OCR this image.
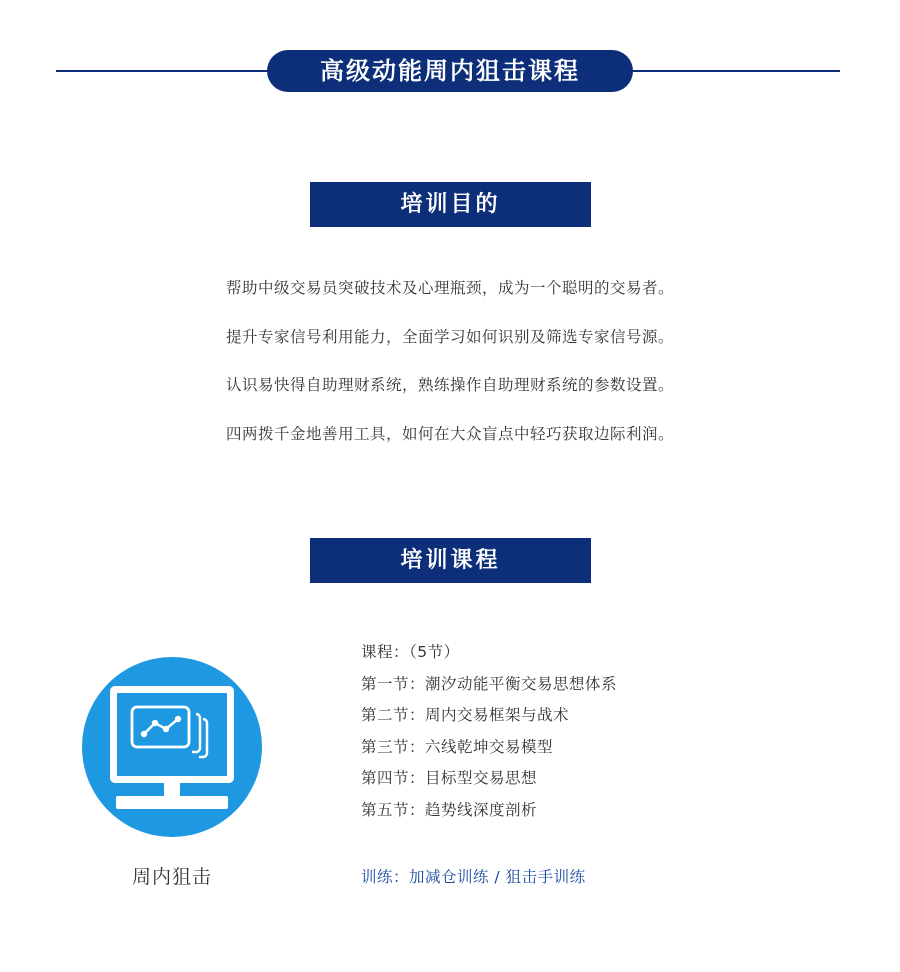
高级动能周内狙击课程
培训目的
帮助中级交易员突破技术及心理瓶颈，成为一个聪明的交易者。
提升专家信号利用能力，全面学习如何识别及筛选专家信号源。
认识易快得自助理财系统，熟练操作自助理财系统的参数设置。
四两拨千金地善用工具，如何在大众盲点中轻巧获取边际利润。
培训课程
周内狙击
课程：（5节）
第一节：潮汐动能平衡交易思想体系
第二节：周内交易框架与战术
第三节：六线乾坤交易模型
第四节：目标型交易思想
第五节：趋势线深度剖析
训练：加减仓训练 / 狙击手训练
